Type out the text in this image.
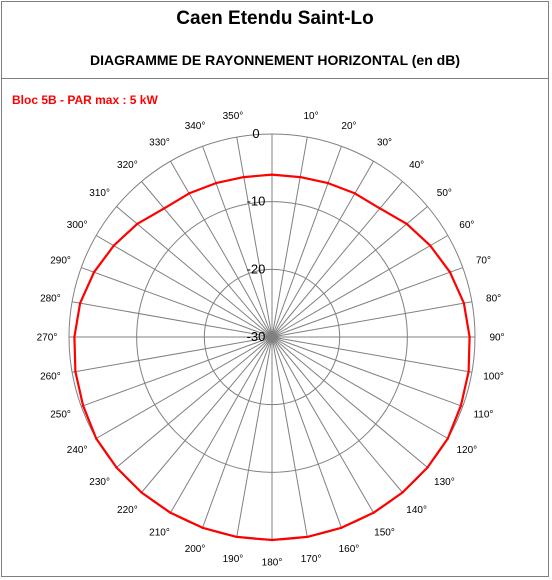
Caen Etendu Saint-Lo
DIAGRAMME DE RAYONNEMENT HORIZONTAL (en dB)
Bloc 5B - PAR max : 5 kW
10°
20°
30°
40°
50°
60°
70°
80°
90°
100°
110°
120°
130°
140°
150°
160°
170°
180°
190°
200°
210°
220°
230°
240°
250°
260°
270°
280°
290°
300°
310°
320°
330°
340°
350°
0
-10
-20
-30
